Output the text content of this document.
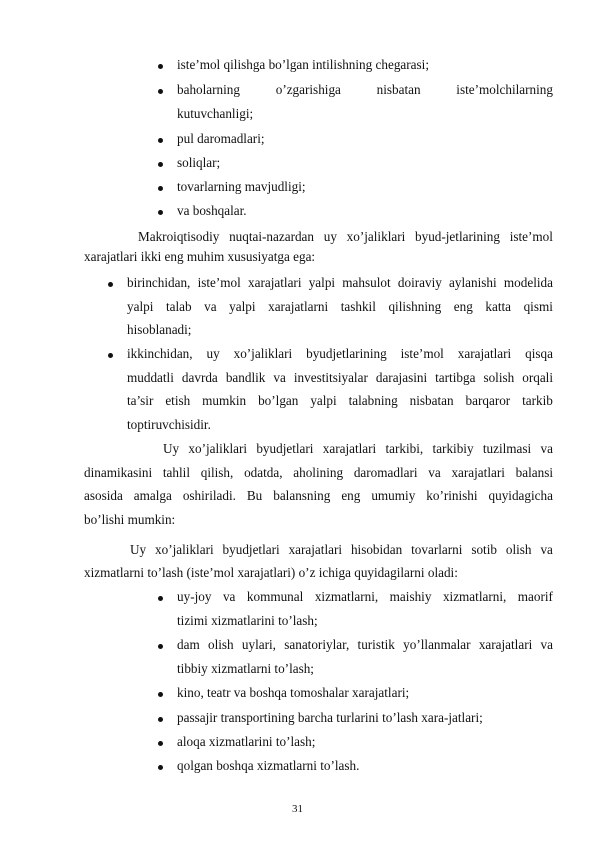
iste’mol qilishga bo’lgan intilishning chegarasi;
baholarning	o’zgarishiga	nisbatan	iste’molchilarning
kutuvchanligi;
pul daromadlari;
soliqlar;
tovarlarning mavjudligi;
va boshqalar.
Makroiqtisodiy nuqtai-nazardan uy xo’jaliklari byud-jetlarining iste’mol
xarajatlari ikki eng muhim xususiyatga ega:
birinchidan, iste’mol xarajatlari yalpi mahsulot doiraviy aylanishi modelida
yalpi talab va yalpi xarajatlarni tashkil qilishning eng katta qismi
hisoblanadi;
ikkinchidan, uy xo’jaliklari byudjetlarining iste’mol xarajatlari qisqa
muddatli davrda bandlik va investitsiyalar darajasini tartibga solish orqali
ta’sir etish mumkin bo’lgan yalpi talabning nisbatan barqaror tarkib
toptiruvchisidir.
Uy xo’jaliklari byudjetlari xarajatlari tarkibi, tarkibiy tuzilmasi va
dinamikasini tahlil qilish, odatda, aholining daromadlari va xarajatlari balansi
asosida amalga oshiriladi. Bu balansning eng umumiy ko’rinishi quyidagicha
bo’lishi mumkin:
Uy xo’jaliklari byudjetlari xarajatlari hisobidan tovarlarni sotib olish va
xizmatlarni to’lash (iste’mol xarajatlari) o’z ichiga quyidagilarni oladi:
uy-joy va kommunal xizmatlarni, maishiy xizmatlarni, maorif
tizimi xizmatlarini to’lash;
dam olish uylari, sanatoriylar, turistik yo’llanmalar xarajatlari va
tibbiy xizmatlarni to’lash;
kino, teatr va boshqa tomoshalar xarajatlari;
passajir transportining barcha turlarini to’lash xara-jatlari;
aloqa xizmatlarini to’lash;
qolgan boshqa xizmatlarni to’lash.
31
